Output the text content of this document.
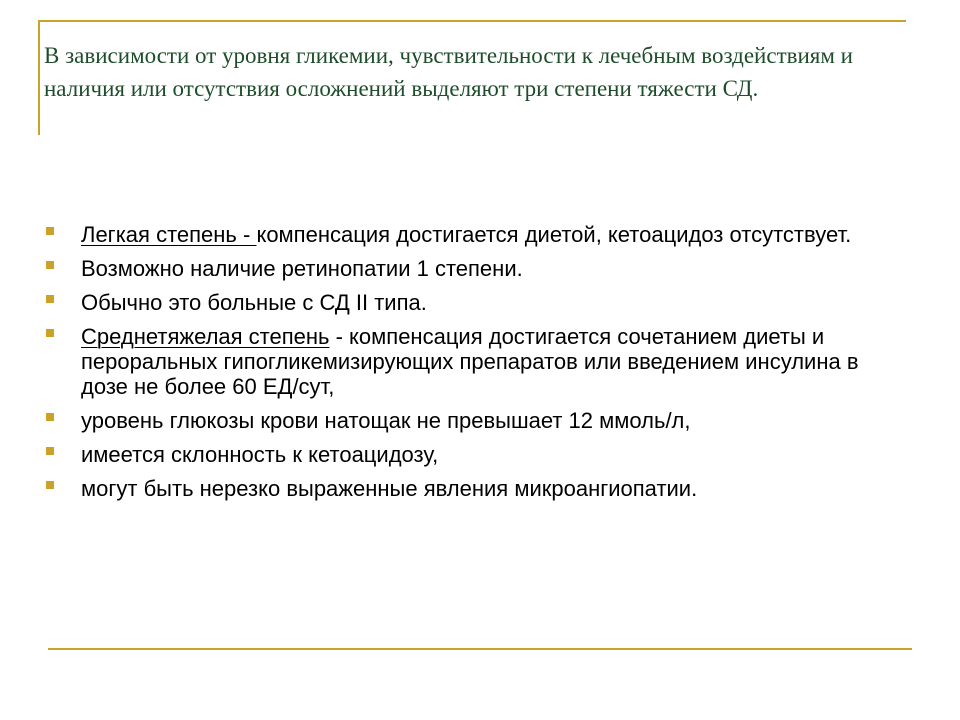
В зависимости от уровня гликемии, чувствительности к лечебным воздействиям и наличия или отсутствия осложнений выделяют три степени тяжести СД.
Легкая степень - компенсация достигается диетой, кетоацидоз отсутствует.
Возможно наличие ретинопатии 1 степени.
Обычно это больные с СД II типа.
Среднетяжелая степень - компенсация достигается сочетанием диеты и пероральных гипогликемизирующих препаратов или введением инсулина в дозе не более 60 ЕД/сут,
уровень глюкозы крови натощак не превышает 12 ммоль/л,
имеется склонность к кетоацидозу,
могут быть нерезко выраженные явления микроангиопатии.
